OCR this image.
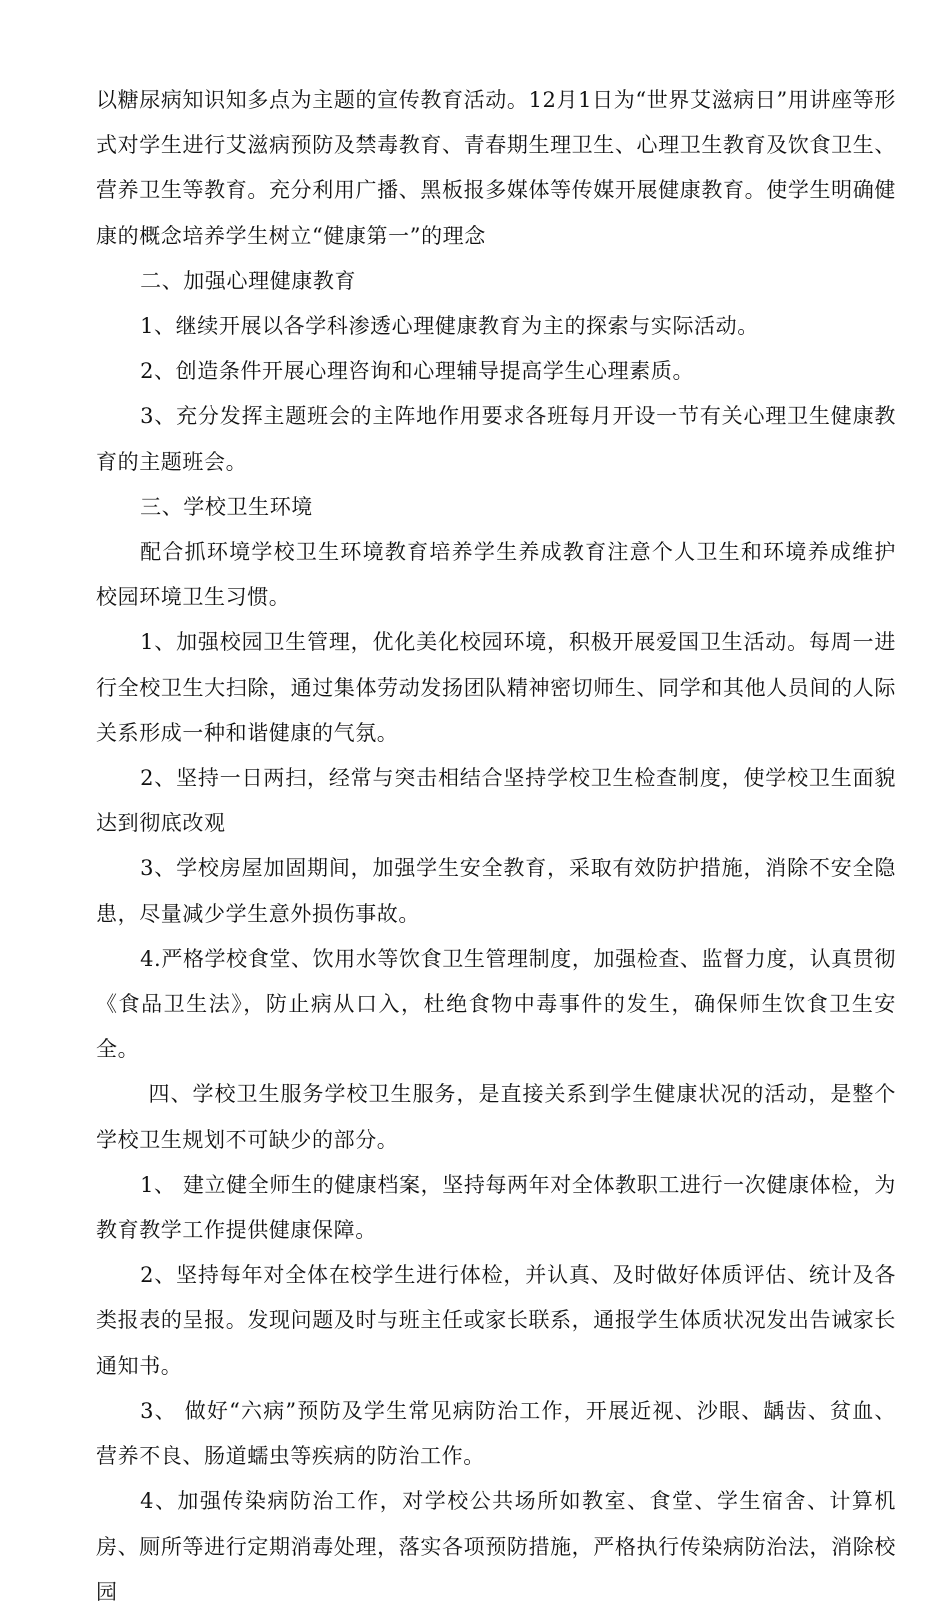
以糖尿病知识知多点为主题的宣传教育活动。12月1日为“世界艾滋病日”用讲座等形式对学生进行艾滋病预防及禁毒教育、青春期生理卫生、心理卫生教育及饮食卫生、营养卫生等教育。充分利用广播、黑板报多媒体等传媒开展健康教育。使学生明确健康的概念培养学生树立“健康第一”的理念

二、加强心理健康教育

1、继续开展以各学科渗透心理健康教育为主的探索与实际活动。

2、创造条件开展心理咨询和心理辅导提高学生心理素质。

3、充分发挥主题班会的主阵地作用要求各班每月开设一节有关心理卫生健康教育的主题班会。

三、学校卫生环境

配合抓环境学校卫生环境教育培养学生养成教育注意个人卫生和环境养成维护校园环境卫生习惯。

1、加强校园卫生管理，优化美化校园环境，积极开展爱国卫生活动。每周一进行全校卫生大扫除，通过集体劳动发扬团队精神密切师生、同学和其他人员间的人际关系形成一种和谐健康的气氛。

2、坚持一日两扫，经常与突击相结合坚持学校卫生检查制度，使学校卫生面貌达到彻底改观

3、学校房屋加固期间，加强学生安全教育，采取有效防护措施，消除不安全隐患，尽量减少学生意外损伤事故。

4.严格学校食堂、饮用水等饮食卫生管理制度，加强检查、监督力度，认真贯彻《食品卫生法》，防止病从口入，杜绝食物中毒事件的发生，确保师生饮食卫生安全。

四、学校卫生服务学校卫生服务，是直接关系到学生健康状况的活动，是整个学校卫生规划不可缺少的部分。

1、 建立健全师生的健康档案，坚持每两年对全体教职工进行一次健康体检，为教育教学工作提供健康保障。

2、坚持每年对全体在校学生进行体检，并认真、及时做好体质评估、统计及各类报表的呈报。发现问题及时与班主任或家长联系，通报学生体质状况发出告诫家长通知书。

3、 做好“六病”预防及学生常见病防治工作，开展近视、沙眼、龋齿、贫血、营养不良、肠道蠕虫等疾病的防治工作。

4、加强传染病防治工作，对学校公共场所如教室、食堂、学生宿舍、计算机房、厕所等进行定期消毒处理，落实各项预防措施，严格执行传染病防治法，消除校园
